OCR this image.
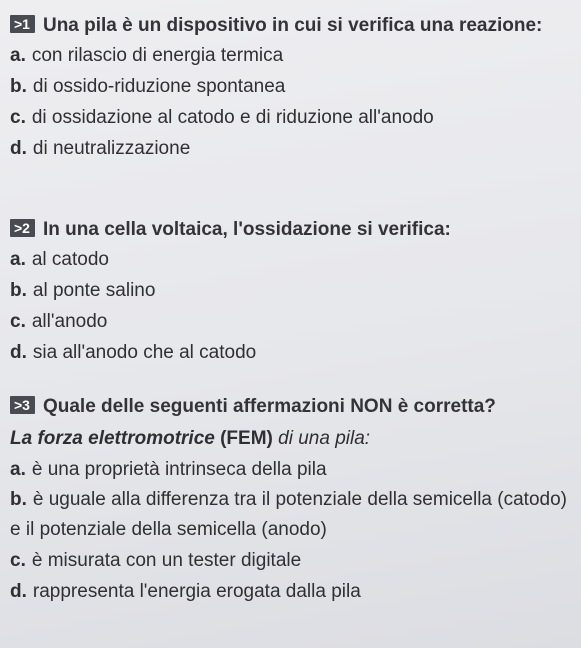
>1 Una pila è un dispositivo in cui si verifica una reazione:
a. con rilascio di energia termica
b. di ossido-riduzione spontanea
c. di ossidazione al catodo e di riduzione all'anodo
d. di neutralizzazione
>2 In una cella voltaica, l'ossidazione si verifica:
a. al catodo
b. al ponte salino
c. all'anodo
d. sia all'anodo che al catodo
>3 Quale delle seguenti affermazioni NON è corretta?
La forza elettromotrice (FEM) di una pila:
a. è una proprietà intrinseca della pila
b. è uguale alla differenza tra il potenziale della semicella (catodo) e il potenziale della semicella (anodo)
c. è misurata con un tester digitale
d. rappresenta l'energia erogata dalla pila
